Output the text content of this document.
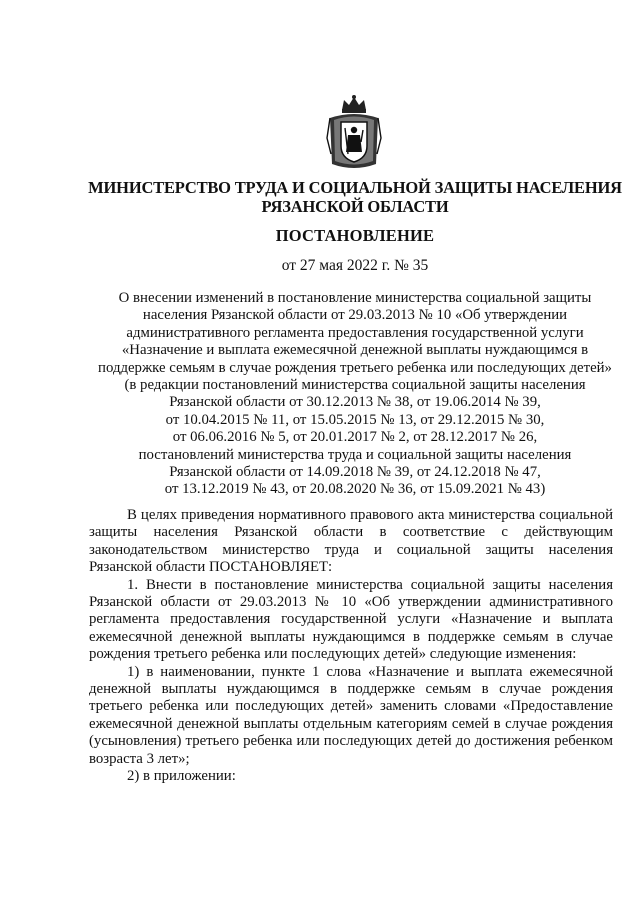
МИНИСТЕРСТВО ТРУДА И СОЦИАЛЬНОЙ ЗАЩИТЫ НАСЕЛЕНИЯ
РЯЗАНСКОЙ ОБЛАСТИ
ПОСТАНОВЛЕНИЕ
от 27 мая 2022 г. № 35
О внесении изменений в постановление министерства социальной защиты
населения Рязанской области от 29.03.2013 № 10 «Об утверждении
административного регламента предоставления государственной услуги
«Назначение и выплата ежемесячной денежной выплаты нуждающимся в
поддержке семьям в случае рождения третьего ребенка или последующих детей»
(в редакции постановлений министерства социальной защиты населения
Рязанской области от 30.12.2013 № 38, от 19.06.2014 № 39,
от 10.04.2015 № 11, от 15.05.2015 № 13, от 29.12.2015 № 30,
от 06.06.2016 № 5, от 20.01.2017 № 2, от 28.12.2017 № 26,
постановлений министерства труда и социальной защиты населения
Рязанской области от 14.09.2018 № 39, от 24.12.2018 № 47,
от 13.12.2019 № 43, от 20.08.2020 № 36, от 15.09.2021 № 43)
В целях приведения нормативного правового акта министерства социальной
защиты населения Рязанской области в соответствие с действующим
законодательством министерство труда и социальной защиты населения
Рязанской области ПОСТАНОВЛЯЕТ:
1. Внести в постановление министерства социальной защиты населения
Рязанской области от 29.03.2013 № 10 «Об утверждении административного
регламента предоставления государственной услуги «Назначение и выплата
ежемесячной денежной выплаты нуждающимся в поддержке семьям в случае
рождения третьего ребенка или последующих детей» следующие изменения:
1) в наименовании, пункте 1 слова «Назначение и выплата ежемесячной
денежной выплаты нуждающимся в поддержке семьям в случае рождения
третьего ребенка или последующих детей» заменить словами «Предоставление
ежемесячной денежной выплаты отдельным категориям семей в случае рождения
(усыновления) третьего ребенка или последующих детей до достижения ребенком
возраста 3 лет»;
2) в приложении:
